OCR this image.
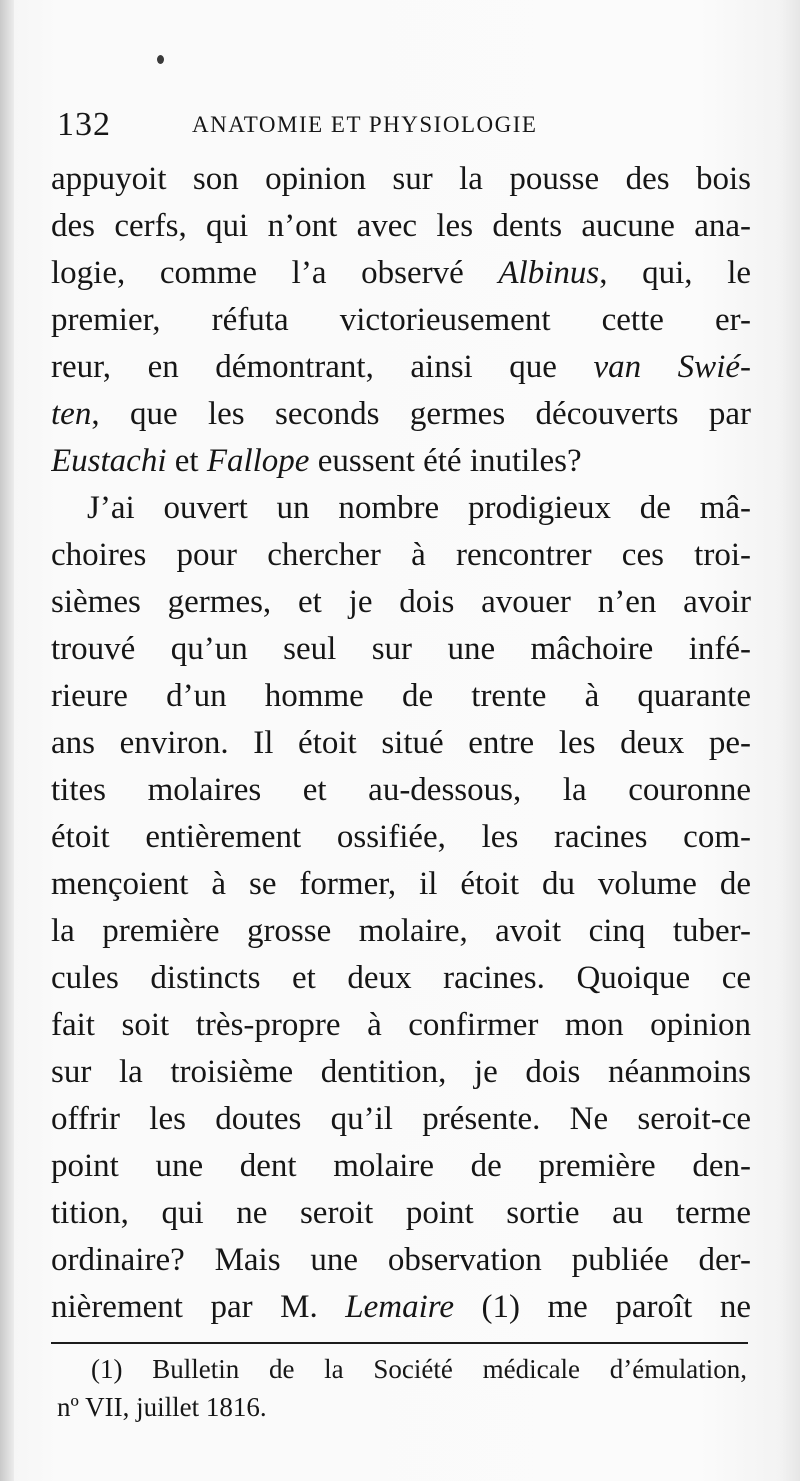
132	ANATOMIE ET PHYSIOLOGIE
appuyoit son opinion sur la pousse des bois
des cerfs, qui n’ont avec les dents aucune ana-
logie, comme l’a observé Albinus, qui, le
premier, réfuta victorieusement cette er-
reur, en démontrant, ainsi que van Swié-
ten, que les seconds germes découverts par
Eustachi et Fallope eussent été inutiles?
J’ai ouvert un nombre prodigieux de mâ-
choires pour chercher à rencontrer ces troi-
sièmes germes, et je dois avouer n’en avoir
trouvé qu’un seul sur une mâchoire infé-
rieure d’un homme de trente à quarante
ans environ. Il étoit situé entre les deux pe-
tites molaires et au-dessous, la couronne
étoit entièrement ossifiée, les racines com-
mençoient à se former, il étoit du volume de
la première grosse molaire, avoit cinq tuber-
cules distincts et deux racines. Quoique ce
fait soit très-propre à confirmer mon opinion
sur la troisième dentition, je dois néanmoins
offrir les doutes qu’il présente. Ne seroit-ce
point une dent molaire de première den-
tition, qui ne seroit point sortie au terme
ordinaire? Mais une observation publiée der-
nièrement par M. Lemaire (1) me paroît ne
(1) Bulletin de la Société médicale d’émulation,
nº VII, juillet 1816.
